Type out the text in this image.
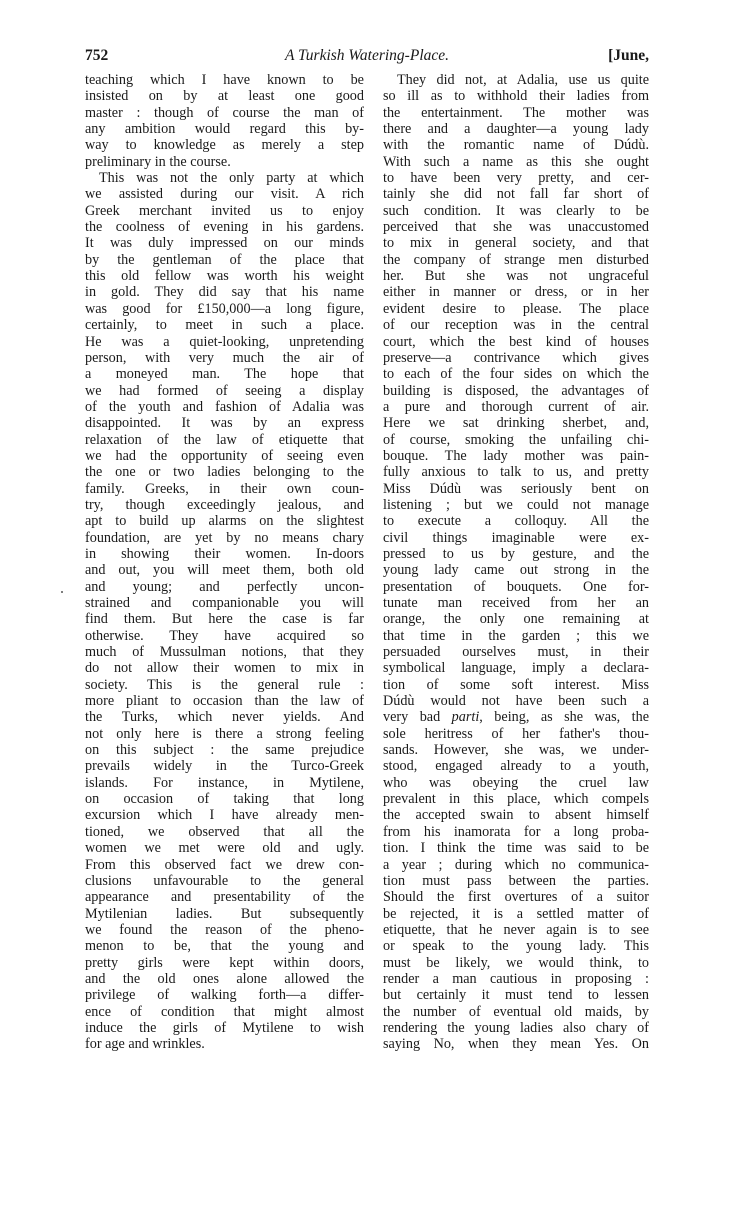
752	A Turkish Watering-Place.	[June,
teaching which I have known to be
insisted on by at least one good
master : though of course the man of
any ambition would regard this by-
way to knowledge as merely a step
preliminary in the course.
This was not the only party at which
we assisted during our visit. A rich
Greek merchant invited us to enjoy
the coolness of evening in his gardens.
It was duly impressed on our minds
by the gentleman of the place that
this old fellow was worth his weight
in gold. They did say that his name
was good for £150,000—a long figure,
certainly, to meet in such a place.
He was a quiet-looking, unpretending
person, with very much the air of
a moneyed man. The hope that
we had formed of seeing a display
of the youth and fashion of Adalia was
disappointed. It was by an express
relaxation of the law of etiquette that
we had the opportunity of seeing even
the one or two ladies belonging to the
family. Greeks, in their own coun-
try, though exceedingly jealous, and
apt to build up alarms on the slightest
foundation, are yet by no means chary
in showing their women. In-doors
and out, you will meet them, both old
and young; and perfectly uncon-
strained and companionable you will
find them. But here the case is far
otherwise. They have acquired so
much of Mussulman notions, that they
do not allow their women to mix in
society. This is the general rule :
more pliant to occasion than the law of
the Turks, which never yields. And
not only here is there a strong feeling
on this subject : the same prejudice
prevails widely in the Turco-Greek
islands. For instance, in Mytilene,
on occasion of taking that long
excursion which I have already men-
tioned, we observed that all the
women we met were old and ugly.
From this observed fact we drew con-
clusions unfavourable to the general
appearance and presentability of the
Mytilenian ladies. But subsequently
we found the reason of the pheno-
menon to be, that the young and
pretty girls were kept within doors,
and the old ones alone allowed the
privilege of walking forth—a differ-
ence of condition that might almost
induce the girls of Mytilene to wish
for age and wrinkles.
They did not, at Adalia, use us quite
so ill as to withhold their ladies from
the entertainment. The mother was
there and a daughter—a young lady
with the romantic name of Dúdù.
With such a name as this she ought
to have been very pretty, and cer-
tainly she did not fall far short of
such condition. It was clearly to be
perceived that she was unaccustomed
to mix in general society, and that
the company of strange men disturbed
her. But she was not ungraceful
either in manner or dress, or in her
evident desire to please. The place
of our reception was in the central
court, which the best kind of houses
preserve—a contrivance which gives
to each of the four sides on which the
building is disposed, the advantages of
a pure and thorough current of air.
Here we sat drinking sherbet, and,
of course, smoking the unfailing chi-
bouque. The lady mother was pain-
fully anxious to talk to us, and pretty
Miss Dúdù was seriously bent on
listening ; but we could not manage
to execute a colloquy. All the
civil things imaginable were ex-
pressed to us by gesture, and the
young lady came out strong in the
presentation of bouquets. One for-
tunate man received from her an
orange, the only one remaining at
that time in the garden ; this we
persuaded ourselves must, in their
symbolical language, imply a declara-
tion of some soft interest. Miss
Dúdù would not have been such a
very bad parti, being, as she was, the
sole heritress of her father's thou-
sands. However, she was, we under-
stood, engaged already to a youth,
who was obeying the cruel law
prevalent in this place, which compels
the accepted swain to absent himself
from his inamorata for a long proba-
tion. I think the time was said to be
a year ; during which no communica-
tion must pass between the parties.
Should the first overtures of a suitor
be rejected, it is a settled matter of
etiquette, that he never again is to see
or speak to the young lady. This
must be likely, we would think, to
render a man cautious in proposing :
but certainly it must tend to lessen
the number of eventual old maids, by
rendering the young ladies also chary of
saying No, when they mean Yes. On
